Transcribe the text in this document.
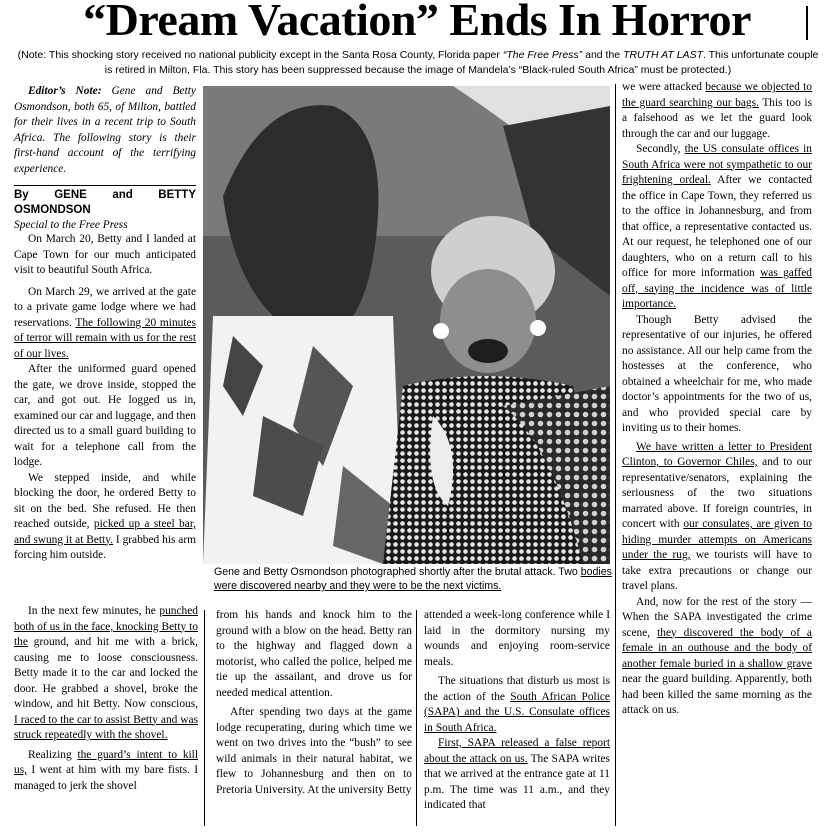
“Dream Vacation” Ends In Horror
(Note: This shocking story received no national publicity except in the Santa Rosa County, Florida paper “The Free Press” and the TRUTH AT LAST. This unfortunate couple is retired in Milton, Fla. This story has been suppressed because the image of Mandela’s “Black-ruled South Africa” must be protected.)

Editor’s Note: Gene and Betty Osmondson, both 65, of Milton, battled for their lives in a recent trip to South Africa. The following story is their first-hand account of the terrifying experience.

By GENE and BETTY OSMONDSON
Special to the Free Press

On March 20, Betty and I landed at Cape Town for our much anticipated visit to beautiful South Africa.

On March 29, we arrived at the gate to a private game lodge where we had reservations. The following 20 minutes of terror will remain with us for the rest of our lives.

After the uniformed guard opened the gate, we drove inside, stopped the car, and got out. He logged us in, examined our car and luggage, and then directed us to a small guard building to wait for a telephone call from the lodge.

We stepped inside, and while blocking the door, he ordered Betty to sit on the bed. She refused. He then reached outside, picked up a steel bar, and swung it at Betty. I grabbed his arm forcing him outside.

Gene and Betty Osmondson photographed shortly after the brutal attack. Two bodies were discovered nearby and they were to be the next victims.

In the next few minutes, he punched both of us in the face, knocking Betty to the ground, and hit me with a brick, causing me to loose consciousness. Betty made it to the car and locked the door. He grabbed a shovel, broke the window, and hit Betty. Now conscious, I raced to the car to assist Betty and was struck repeatedly with the shovel.

Realizing the guard’s intent to kill us, I went at him with my bare fists. I managed to jerk the shovel

from his hands and knock him to the ground with a blow on the head. Betty ran to the highway and flagged down a motorist, who called the police, helped me tie up the assailant, and drove us for needed medical attention.

After spending two days at the game lodge recuperating, during which time we went on two drives into the “bush” to see wild animals in their natural habitat, we flew to Johannesburg and then on to Pretoria University. At the university Betty

attended a week-long conference while I laid in the dormitory nursing my wounds and enjoying room-service meals.

The situations that disturb us most is the action of the South African Police (SAPA) and the U.S. Consulate offices in South Africa.

First, SAPA released a false report about the attack on us. The SAPA writes that we arrived at the entrance gate at 11 p.m. The time was 11 a.m., and they indicated that

we were attacked because we objected to the guard searching our bags. This too is a falsehood as we let the guard look through the car and our luggage.

Secondly, the US consulate offices in South Africa were not sympathetic to our frightening ordeal. After we contacted the office in Cape Town, they referred us to the office in Johannesburg, and from that office, a representative contacted us. At our request, he telephoned one of our daughters, who on a return call to his office for more information was gaffed off, saying the incidence was of little importance.

Though Betty advised the representative of our injuries, he offered no assistance. All our help came from the hostesses at the conference, who obtained a wheelchair for me, who made doctor’s appointments for the two of us, and who provided special care by inviting us to their homes.

We have written a letter to President Clinton, to Governor Chiles, and to our representative/senators, explaining the seriousness of the two situations marrated above. If foreign countries, in concert with our consulates, are given to hiding murder attempts on Americans under the rug, we tourists will have to take extra precautions or change our travel plans.

And, now for the rest of the story — When the SAPA investigated the crime scene, they discovered the body of a female in an outhouse and the body of another female buried in a shallow grave near the guard building. Apparently, both had been killed the same morning as the attack on us.
